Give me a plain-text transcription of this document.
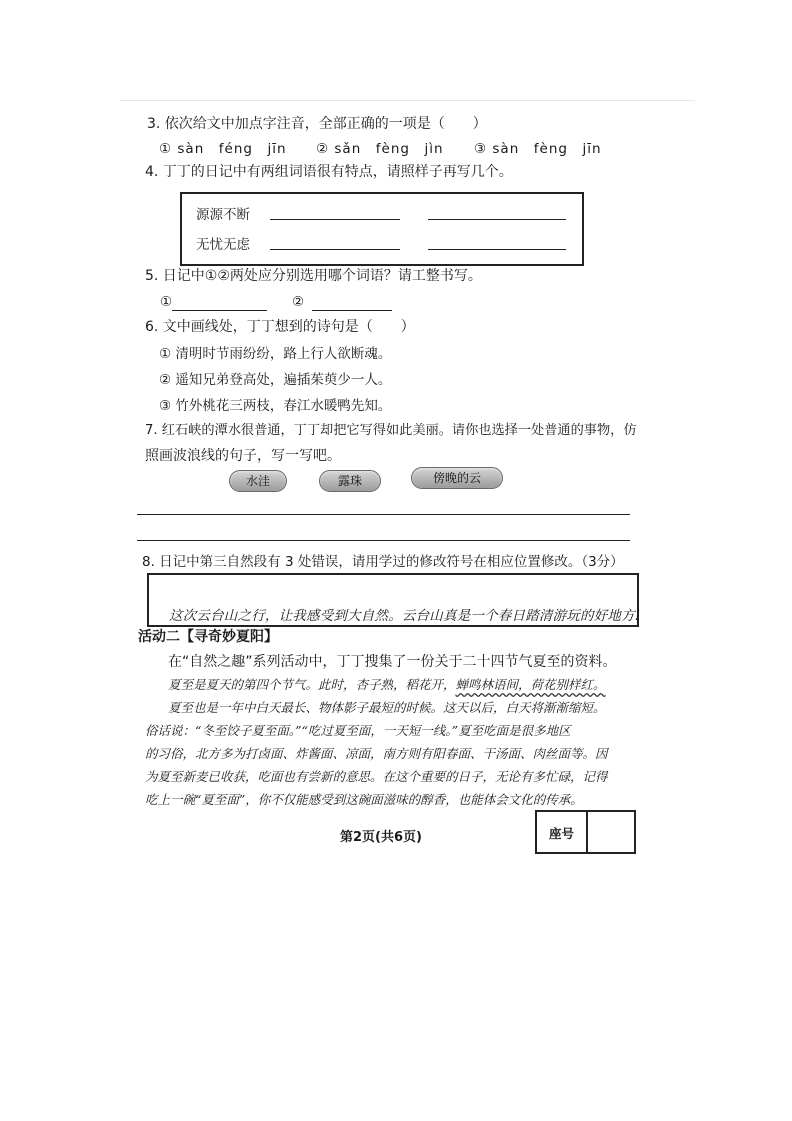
3. 依次给文中加点字注音，全部正确的一项是（　　）
① sàn　féng　jīn ② sǎn　fèng　jìn ③ sàn　fèng　jīn
4. 丁丁的日记中有两组词语很有特点，请照样子再写几个。
源源不断
无忧无虑
5. 日记中①②两处应分别选用哪个词语？请工整书写。
①	②
6. 文中画线处，丁丁想到的诗句是（　　）
① 清明时节雨纷纷，路上行人欲断魂。
② 遥知兄弟登高处，遍插茱萸少一人。
③ 竹外桃花三两枝，春江水暖鸭先知。
7. 红石峡的潭水很普通，丁丁却把它写得如此美丽。请你也选择一处普通的事物，仿
照画波浪线的句子，写一写吧。
水洼	露珠	傍晚的云
8. 日记中第三自然段有 3 处错误，请用学过的修改符号在相应位置修改。（3分）
这次云台山之行，让我感受到大自然。云台山真是一个春日踏清游玩的好地方!
活动二【寻奇妙夏阳】
在“自然之趣”系列活动中，丁丁搜集了一份关于二十四节气夏至的资料。
夏至是夏天的第四个节气。此时，杏子熟，稻花开，蝉鸣林语间，荷花别样红。
夏至也是一年中白天最长、物体影子最短的时候。这天以后，白天将渐渐缩短。
俗话说：“冬至饺子夏至面。”“吃过夏至面，一天短一线。”夏至吃面是很多地区
的习俗，北方多为打卤面、炸酱面、凉面，南方则有阳春面、干汤面、肉丝面等。因
为夏至新麦已收获，吃面也有尝新的意思。在这个重要的日子，无论有多忙碌，记得
吃上一碗“夏至面”，你不仅能感受到这碗面滋味的醇香，也能体会文化的传承。
第2页(共6页)	座号
